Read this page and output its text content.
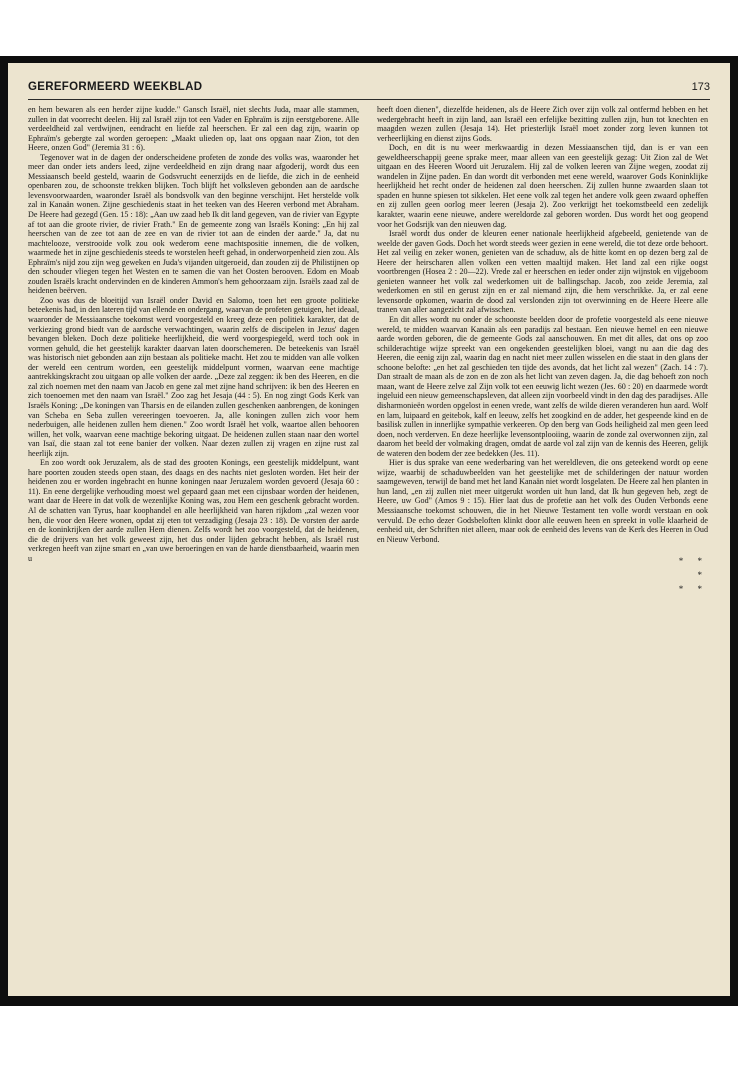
GEREFORMEERD WEEKBLAD	173

en hem bewaren als een herder zijne kudde." Gansch Israël, niet slechts Juda, maar alle stammen, zullen in dat voorrecht deelen. Hij zal Israël zijn tot een Vader en Ephraïm is zijn eerstgeborene. Alle verdeeldheid zal verdwijnen, eendracht en liefde zal heerschen. Er zal een dag zijn, waarin op Ephraïm's gebergte zal worden geroepen: „Maakt ulieden op, laat ons opgaan naar Zion, tot den Heere, onzen God" (Jeremia 31 : 6).

Tegenover wat in de dagen der onderscheidene profeten de zonde des volks was, waaronder het meer dan onder iets anders leed, zijne verdeeldheid en zijn drang naar afgoderij, wordt dus een Messiaansch beeld gesteld, waarin de Godsvrucht eenerzijds en de liefde, die zich in de eenheid openbaren zou, de schoonste trekken blijken. Toch blijft het volksleven gebonden aan de aardsche levensvoorwaarden, waaronder Israël als bondsvolk van den beginne verschijnt. Het herstelde volk zal in Kanaän wonen. Zijne geschiedenis staat in het teeken van des Heeren verbond met Abraham. De Heere had gezegd (Gen. 15 : 18): „Aan uw zaad heb Ik dit land gegeven, van de rivier van Egypte af tot aan die groote rivier, de rivier Frath." En de gemeente zong van Israëls Koning: „En hij zal heerschen van de zee tot aan de zee en van de rivier tot aan de einden der aarde." Ja, dat nu machtelooze, verstrooide volk zou ook wederom eene machtspositie innemen, die de volken, waarmede het in zijne geschiedenis steeds te worstelen heeft gehad, in onderworpenheid zien zou. Als Ephraïm's nijd zou zijn weg geweken en Juda's vijanden uitgeroeid, dan zouden zij de Philistijnen op den schouder vliegen tegen het Westen en te samen die van het Oosten berooven. Edom en Moab zouden Israëls kracht ondervinden en de kinderen Ammon's hem gehoorzaam zijn. Israëls zaad zal de heidenen beërven.

Zoo was dus de bloeitijd van Israël onder David en Salomo, toen het een groote politieke beteekenis had, in den lateren tijd van ellende en ondergang, waarvan de profeten getuigen, het ideaal, waaronder de Messiaansche toekomst werd voorgesteld en kreeg deze een politiek karakter, dat de verkiezing grond biedt van de aardsche verwachtingen, waarin zelfs de discipelen in Jezus' dagen bevangen bleken. Doch deze politieke heerlijkheid, die werd voorgespiegeld, werd toch ook in vormen gehuld, die het geestelijk karakter daarvan laten doorschemeren. De beteekenis van Israël was historisch niet gebonden aan zijn bestaan als politieke macht. Het zou te midden van alle volken der wereld een centrum worden, een geestelijk middelpunt vormen, waarvan eene machtige aantrekkingskracht zou uitgaan op alle volken der aarde. „Deze zal zeggen: ik ben des Heeren, en die zal zich noemen met den naam van Jacob en gene zal met zijne hand schrijven: ik ben des Heeren en zich toenoemen met den naam van Israël." Zoo zag het Jesaja (44 : 5). En nog zingt Gods Kerk van Israëls Koning: „De koningen van Tharsis en de eilanden zullen geschenken aanbrengen, de koningen van Scheba en Seba zullen vereeringen toevoeren. Ja, alle koningen zullen zich voor hem nederbuigen, alle heidenen zullen hem dienen." Zoo wordt Israël het volk, waartoe allen behooren willen, het volk, waarvan eene machtige bekoring uitgaat. De heidenen zullen staan naar den wortel van Isaï, die staan zal tot eene banier der volken. Naar dezen zullen zij vragen en zijne rust zal heerlijk zijn.

En zoo wordt ook Jeruzalem, als de stad des grooten Konings, een geestelijk middelpunt, want hare poorten zouden steeds open staan, des daags en des nachts niet gesloten worden. Het heir der heidenen zou er worden ingebracht en hunne koningen naar Jeruzalem worden gevoerd (Jesaja 60 : 11). En eene dergelijke verhouding moest wel gepaard gaan met een cijnsbaar worden der heidenen, want daar de Heere in dat volk de wezenlijke Koning was, zou Hem een geschenk gebracht worden. Al de schatten van Tyrus, haar koophandel en alle heerlijkheid van haren rijkdom „zal wezen voor hen, die voor den Heere wonen, opdat zij eten tot verzadiging (Jesaja 23 : 18). De vorsten der aarde en de koninkrijken der aarde zullen Hem dienen. Zelfs wordt het zoo voorgesteld, dat de heidenen, die de drijvers van het volk geweest zijn, het dus onder lijden gebracht hebben, als Israël rust verkregen heeft van zijne smart en „van uwe beroeringen en van de harde dienstbaarheid, waarin men u

heeft doen dienen", diezelfde heidenen, als de Heere Zich over zijn volk zal ontfermd hebben en het wedergebracht heeft in zijn land, aan Israël een erfelijke bezitting zullen zijn, hun tot knechten en maagden wezen zullen (Jesaja 14). Het priesterlijk Israël moet zonder zorg leven kunnen tot verheerlijking en dienst zijns Gods.

Doch, en dit is nu weer merkwaardig in dezen Messiaanschen tijd, dan is er van een geweldheerschappij geene sprake meer, maar alleen van een geestelijk gezag: Uit Zion zal de Wet uitgaan en des Heeren Woord uit Jeruzalem. Hij zal de volken leeren van Zijne wegen, zoodat zij wandelen in Zijne paden. En dan wordt dit verbonden met eene wereld, waarover Gods Koninklijke heerlijkheid het recht onder de heidenen zal doen heerschen. Zij zullen hunne zwaarden slaan tot spaden en hunne spiesen tot sikkelen. Het eene volk zal tegen het andere volk geen zwaard opheffen en zij zullen geen oorlog meer leeren (Jesaja 2). Zoo verkrijgt het toekomstbeeld een zedelijk karakter, waarin eene nieuwe, andere wereldorde zal geboren worden. Dus wordt het oog geopend voor het Godsrijk van den nieuwen dag.

Israël wordt dus onder de kleuren eener nationale heerlijkheid afgebeeld, genietende van de weelde der gaven Gods. Doch het wordt steeds weer gezien in eene wereld, die tot deze orde behoort. Het zal veilig en zeker wonen, genieten van de schaduw, als de hitte komt en op dezen berg zal de Heere der heirscharen allen volken een vetten maaltijd maken. Het land zal een rijke oogst voortbrengen (Hosea 2 : 20—22). Vrede zal er heerschen en ieder onder zijn wijnstok en vijgeboom genieten wanneer het volk zal wederkomen uit de ballingschap. Jacob, zoo zeide Jeremia, zal wederkomen en stil en gerust zijn en er zal niemand zijn, die hem verschrikke. Ja, er zal eene levensorde opkomen, waarin de dood zal verslonden zijn tot overwinning en de Heere Heere alle tranen van aller aangezicht zal afwisschen.

En dit alles wordt nu onder de schoonste beelden door de profetie voorgesteld als eene nieuwe wereld, te midden waarvan Kanaän als een paradijs zal bestaan. Een nieuwe hemel en een nieuwe aarde worden geboren, die de gemeente Gods zal aanschouwen. En met dit alles, dat ons op zoo schilderachtige wijze spreekt van een ongekenden geestelijken bloei, vangt nu aan die dag des Heeren, die eenig zijn zal, waarin dag en nacht niet meer zullen wisselen en die staat in den glans der schoone belofte: „en het zal geschieden ten tijde des avonds, dat het licht zal wezen" (Zach. 14 : 7). Dan straalt de maan als de zon en de zon als het licht van zeven dagen. Ja, die dag behoeft zon noch maan, want de Heere zelve zal Zijn volk tot een eeuwig licht wezen (Jes. 60 : 20) en daarmede wordt ingeluid een nieuw gemeenschapsleven, dat alleen zijn voorbeeld vindt in den dag des paradijses. Alle disharmonieën worden opgelost in eenen vrede, want zelfs de wilde dieren veranderen hun aard. Wolf en lam, luipaard en geitebok, kalf en leeuw, zelfs het zoogkind en de adder, het gespeende kind en de basilisk zullen in innerlijke sympathie verkeeren. Op den berg van Gods heiligheid zal men geen leed doen, noch verderven. En deze heerlijke levensontplooiing, waarin de zonde zal overwonnen zijn, zal daarom het beeld der volmaking dragen, omdat de aarde vol zal zijn van de kennis des Heeren, gelijk de wateren den bodem der zee bedekken (Jes. 11).

Hier is dus sprake van eene wederbaring van het wereldleven, die ons geteekend wordt op eene wijze, waarbij de schaduwbeelden van het geestelijke met de schilderingen der natuur worden saamgeweven, terwijl de band met het land Kanaän niet wordt losgelaten. De Heere zal hen planten in hun land, „en zij zullen niet meer uitgerukt worden uit hun land, dat Ik hun gegeven heb, zegt de Heere, uw God" (Amos 9 : 15). Hier laat dus de profetie aan het volk des Ouden Verbonds eene Messiaansche toekomst schouwen, die in het Nieuwe Testament ten volle wordt verstaan en ook vervuld. De echo dezer Godsbeloften klinkt door alle eeuwen heen en spreekt in volle klaarheid de eenheid uit, der Schriften niet alleen, maar ook de eenheid des levens van de Kerk des Heeren in Oud en Nieuw Verbond.

* *
*
* *
